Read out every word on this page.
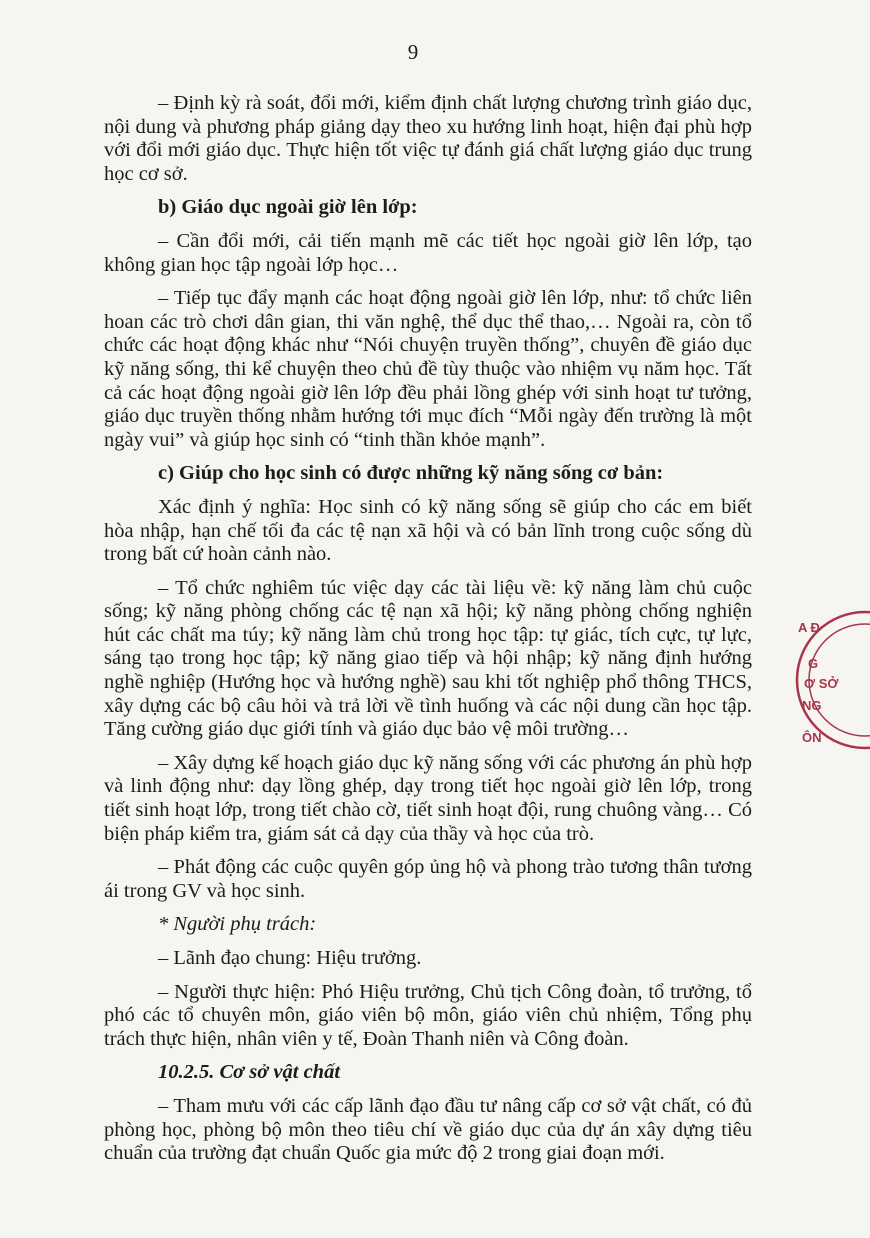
9

– Định kỳ rà soát, đổi mới, kiểm định chất lượng chương trình giáo dục, nội dung và phương pháp giảng dạy theo xu hướng linh hoạt, hiện đại phù hợp với đổi mới giáo dục. Thực hiện tốt việc tự đánh giá chất lượng giáo dục trung học cơ sở.

b) Giáo dục ngoài giờ lên lớp:

– Cần đổi mới, cải tiến mạnh mẽ các tiết học ngoài giờ lên lớp, tạo không gian học tập ngoài lớp học…

– Tiếp tục đẩy mạnh các hoạt động ngoài giờ lên lớp, như: tổ chức liên hoan các trò chơi dân gian, thi văn nghệ, thể dục thể thao,… Ngoài ra, còn tổ chức các hoạt động khác như “Nói chuyện truyền thống”, chuyên đề giáo dục kỹ năng sống, thi kể chuyện theo chủ đề tùy thuộc vào nhiệm vụ năm học. Tất cả các hoạt động ngoài giờ lên lớp đều phải lồng ghép với sinh hoạt tư tưởng, giáo dục truyền thống nhằm hướng tới mục đích “Mỗi ngày đến trường là một ngày vui” và giúp học sinh có “tinh thần khỏe mạnh”.

c) Giúp cho học sinh có được những kỹ năng sống cơ bản:

Xác định ý nghĩa: Học sinh có kỹ năng sống sẽ giúp cho các em biết hòa nhập, hạn chế tối đa các tệ nạn xã hội và có bản lĩnh trong cuộc sống dù trong bất cứ hoàn cảnh nào.

– Tổ chức nghiêm túc việc dạy các tài liệu về: kỹ năng làm chủ cuộc sống; kỹ năng phòng chống các tệ nạn xã hội; kỹ năng phòng chống nghiện hút các chất ma túy; kỹ năng làm chủ trong học tập: tự giác, tích cực, tự lực, sáng tạo trong học tập; kỹ năng giao tiếp và hội nhập; kỹ năng định hướng nghề nghiệp (Hướng học và hướng nghề) sau khi tốt nghiệp phổ thông THCS, xây dựng các bộ câu hỏi và trả lời về tình huống và các nội dung cần học tập. Tăng cường giáo dục giới tính và giáo dục bảo vệ môi trường…

– Xây dựng kế hoạch giáo dục kỹ năng sống với các phương án phù hợp và linh động như: dạy lồng ghép, dạy trong tiết học ngoài giờ lên lớp, trong tiết sinh hoạt lớp, trong tiết chào cờ, tiết sinh hoạt đội, rung chuông vàng… Có biện pháp kiểm tra, giám sát cả dạy của thầy và học của trò.

– Phát động các cuộc quyên góp ủng hộ và phong trào tương thân tương ái trong GV và học sinh.

* Người phụ trách:

– Lãnh đạo chung: Hiệu trưởng.

– Người thực hiện: Phó Hiệu trưởng, Chủ tịch Công đoàn, tổ trưởng, tổ phó các tổ chuyên môn, giáo viên bộ môn, giáo viên chủ nhiệm, Tổng phụ trách thực hiện, nhân viên y tế, Đoàn Thanh niên và Công đoàn.

10.2.5. Cơ sở vật chất

– Tham mưu với các cấp lãnh đạo đầu tư nâng cấp cơ sở vật chất, có đủ phòng học, phòng bộ môn theo tiêu chí về giáo dục của dự án xây dựng tiêu chuẩn của trường đạt chuẩn Quốc gia mức độ 2 trong giai đoạn mới.

A Đ
G
Ơ SỞ
NG
ÔN
